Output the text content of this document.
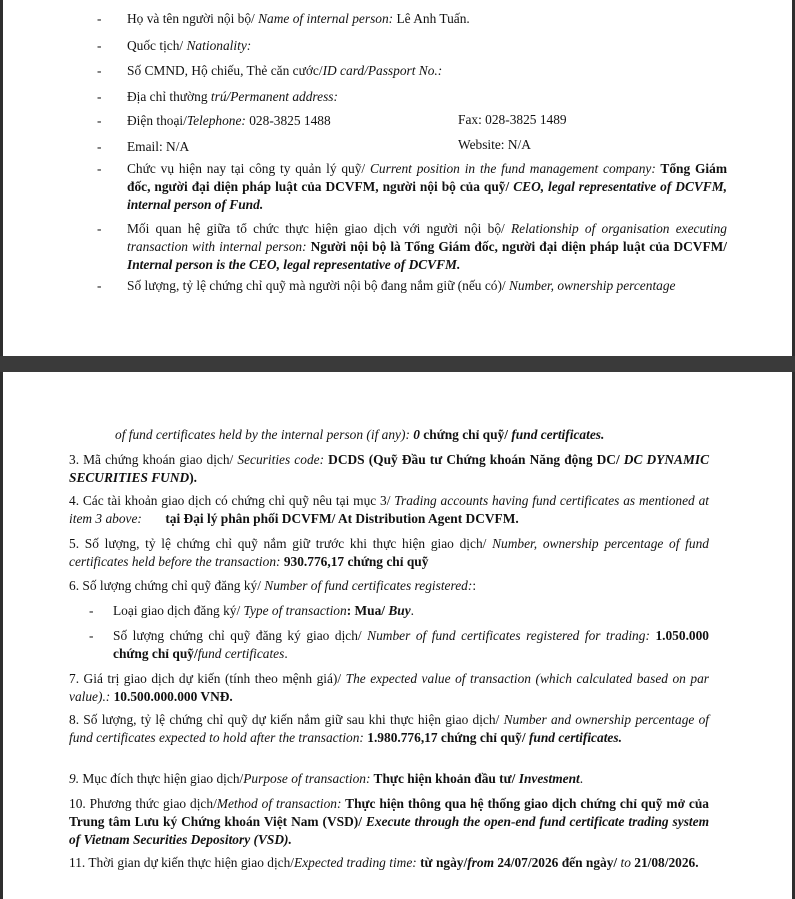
- Họ và tên người nội bộ/ Name of internal person: Lê Anh Tuấn.
- Quốc tịch/ Nationality:
- Số CMND, Hộ chiếu, Thẻ căn cước/ID card/Passport No.:
- Địa chỉ thường trú/Permanent address:
- Điện thoại/Telephone: 028-3825 1488	Fax: 028-3825 1489
- Email: N/A	Website: N/A
- Chức vụ hiện nay tại công ty quản lý quỹ/ Current position in the fund management company: Tổng Giám đốc, người đại diện pháp luật của DCVFM, người nội bộ của quỹ/ CEO, legal representative of DCVFM, internal person of Fund.
- Mối quan hệ giữa tổ chức thực hiện giao dịch với người nội bộ/ Relationship of organisation executing transaction with internal person: Người nội bộ là Tổng Giám đốc, người đại diện pháp luật của DCVFM/ Internal person is the CEO, legal representative of DCVFM.
- Số lượng, tỷ lệ chứng chỉ quỹ mà người nội bộ đang nắm giữ (nếu có)/ Number, ownership percentage
of fund certificates held by the internal person (if any): 0 chứng chỉ quỹ/ fund certificates.
3. Mã chứng khoán giao dịch/ Securities code: DCDS (Quỹ Đầu tư Chứng khoán Năng động DC/ DC DYNAMIC SECURITIES FUND).
4. Các tài khoản giao dịch có chứng chỉ quỹ nêu tại mục 3/ Trading accounts having fund certificates as mentioned at item 3 above: tại Đại lý phân phối DCVFM/ At Distribution Agent DCVFM.
5. Số lượng, tỷ lệ chứng chỉ quỹ nắm giữ trước khi thực hiện giao dịch/ Number, ownership percentage of fund certificates held before the transaction: 930.776,17 chứng chỉ quỹ
6. Số lượng chứng chỉ quỹ đăng ký/ Number of fund certificates registered::
- Loại giao dịch đăng ký/ Type of transaction: Mua/ Buy.
- Số lượng chứng chỉ quỹ đăng ký giao dịch/ Number of fund certificates registered for trading: 1.050.000 chứng chỉ quỹ/fund certificates.
7. Giá trị giao dịch dự kiến (tính theo mệnh giá)/ The expected value of transaction (which calculated based on par value).: 10.500.000.000 VNĐ.
8. Số lượng, tỷ lệ chứng chỉ quỹ dự kiến nắm giữ sau khi thực hiện giao dịch/ Number and ownership percentage of fund certificates expected to hold after the transaction: 1.980.776,17 chứng chỉ quỹ/ fund certificates.
9. Mục đích thực hiện giao dịch/Purpose of transaction: Thực hiện khoản đầu tư/ Investment.
10. Phương thức giao dịch/Method of transaction: Thực hiện thông qua hệ thống giao dịch chứng chỉ quỹ mở của Trung tâm Lưu ký Chứng khoán Việt Nam (VSD)/ Execute through the open-end fund certificate trading system of Vietnam Securities Depository (VSD).
11. Thời gian dự kiến thực hiện giao dịch/Expected trading time: từ ngày/from 24/07/2026 đến ngày/ to 21/08/2026.
